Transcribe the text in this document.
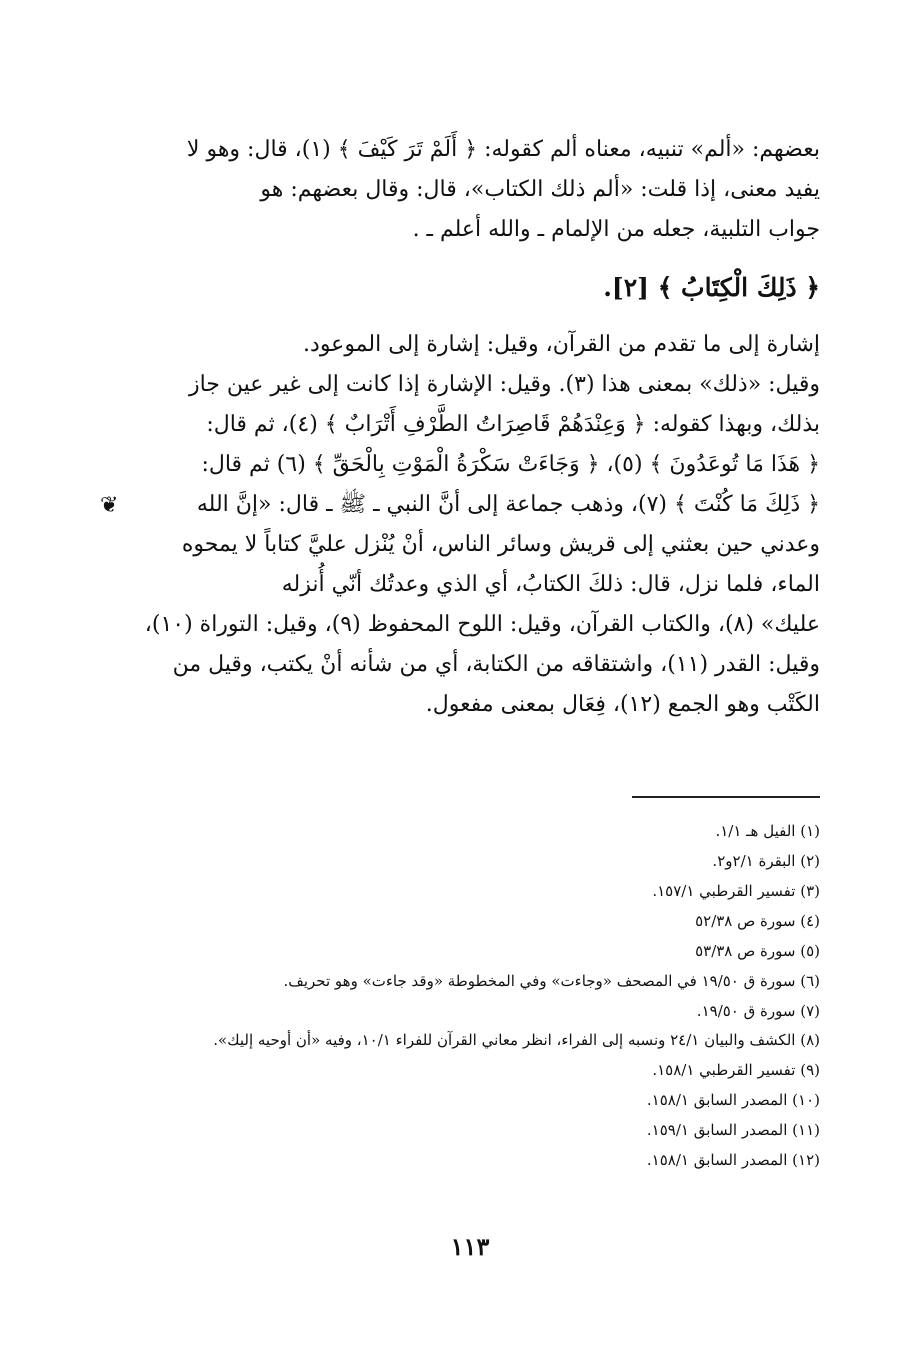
بعضهم: «ألم» تنبيه، معناه ألم كقوله: ﴿ أَلَمْ تَرَ كَيْفَ ﴾ (١)، قال: وهو لا

يفيد معنى، إذا قلت: «ألم ذلك الكتاب»، قال: وقال بعضهم: هو

جواب التلبية، جعله من الإلمام ـ والله أعلم ـ .

﴿ ذَلِكَ الْكِتَابُ ﴾ [٢].

إشارة إلى ما تقدم من القرآن، وقيل: إشارة إلى الموعود.

وقيل: «ذلك» بمعنى هذا (٣). وقيل: الإشارة إذا كانت إلى غير عين جاز

بذلك، وبهذا كقوله: ﴿ وَعِنْدَهُمْ قَاصِرَاتُ الطَّرْفِ أَتْرَابٌ ﴾ (٤)، ثم قال:

﴿ هَذَا مَا تُوعَدُونَ ﴾ (٥)، ﴿ وَجَاءَتْ سَكْرَةُ الْمَوْتِ بِالْحَقِّ ﴾ (٦) ثم قال:

﴿ ذَلِكَ مَا كُنْتَ ﴾ (٧)، وذهب جماعة إلى أنَّ النبي ـ ﷺ ـ قال: «إنَّ الله

وعدني حين بعثني إلى قريش وسائر الناس، أنْ يُنْزل عليَّ كتاباً لا يمحوه

الماء، فلما نزل، قال: ذلكَ الكتابُ، أي الذي وعدتُك أنّي أُنزله

عليك» (٨)، والكتاب القرآن، وقيل: اللوح المحفوظ (٩)، وقيل: التوراة (١٠)،

وقيل: القدر (١١)، واشتقاقه من الكتابة، أي من شأنه أنْ يكتب، وقيل من

الكَتْب وهو الجمع (١٢)، فِعَال بمعنى مفعول.

❦
(١) الفيل هـ ١/١.
(٢) البقرة ٢/١و٢.
(٣) تفسير القرطبي ١٥٧/١.
(٤) سورة ص ٥٢/٣٨
(٥) سورة ص ٥٣/٣٨
(٦) سورة ق ١٩/٥٠ في المصحف «وجاءت» وفي المخطوطة «وقد جاءت» وهو تحريف.
(٧) سورة ق ١٩/٥٠.
(٨) الكشف والبيان ٢٤/١ ونسبه إلى الفراء، انظر معاني القرآن للفراء ١٠/١، وفيه «أن أوحيه إليك».
(٩) تفسير القرطبي ١٥٨/١.
(١٠) المصدر السابق ١٥٨/١.
(١١) المصدر السابق ١٥٩/١.
(١٢) المصدر السابق ١٥٨/١.
١١٣
